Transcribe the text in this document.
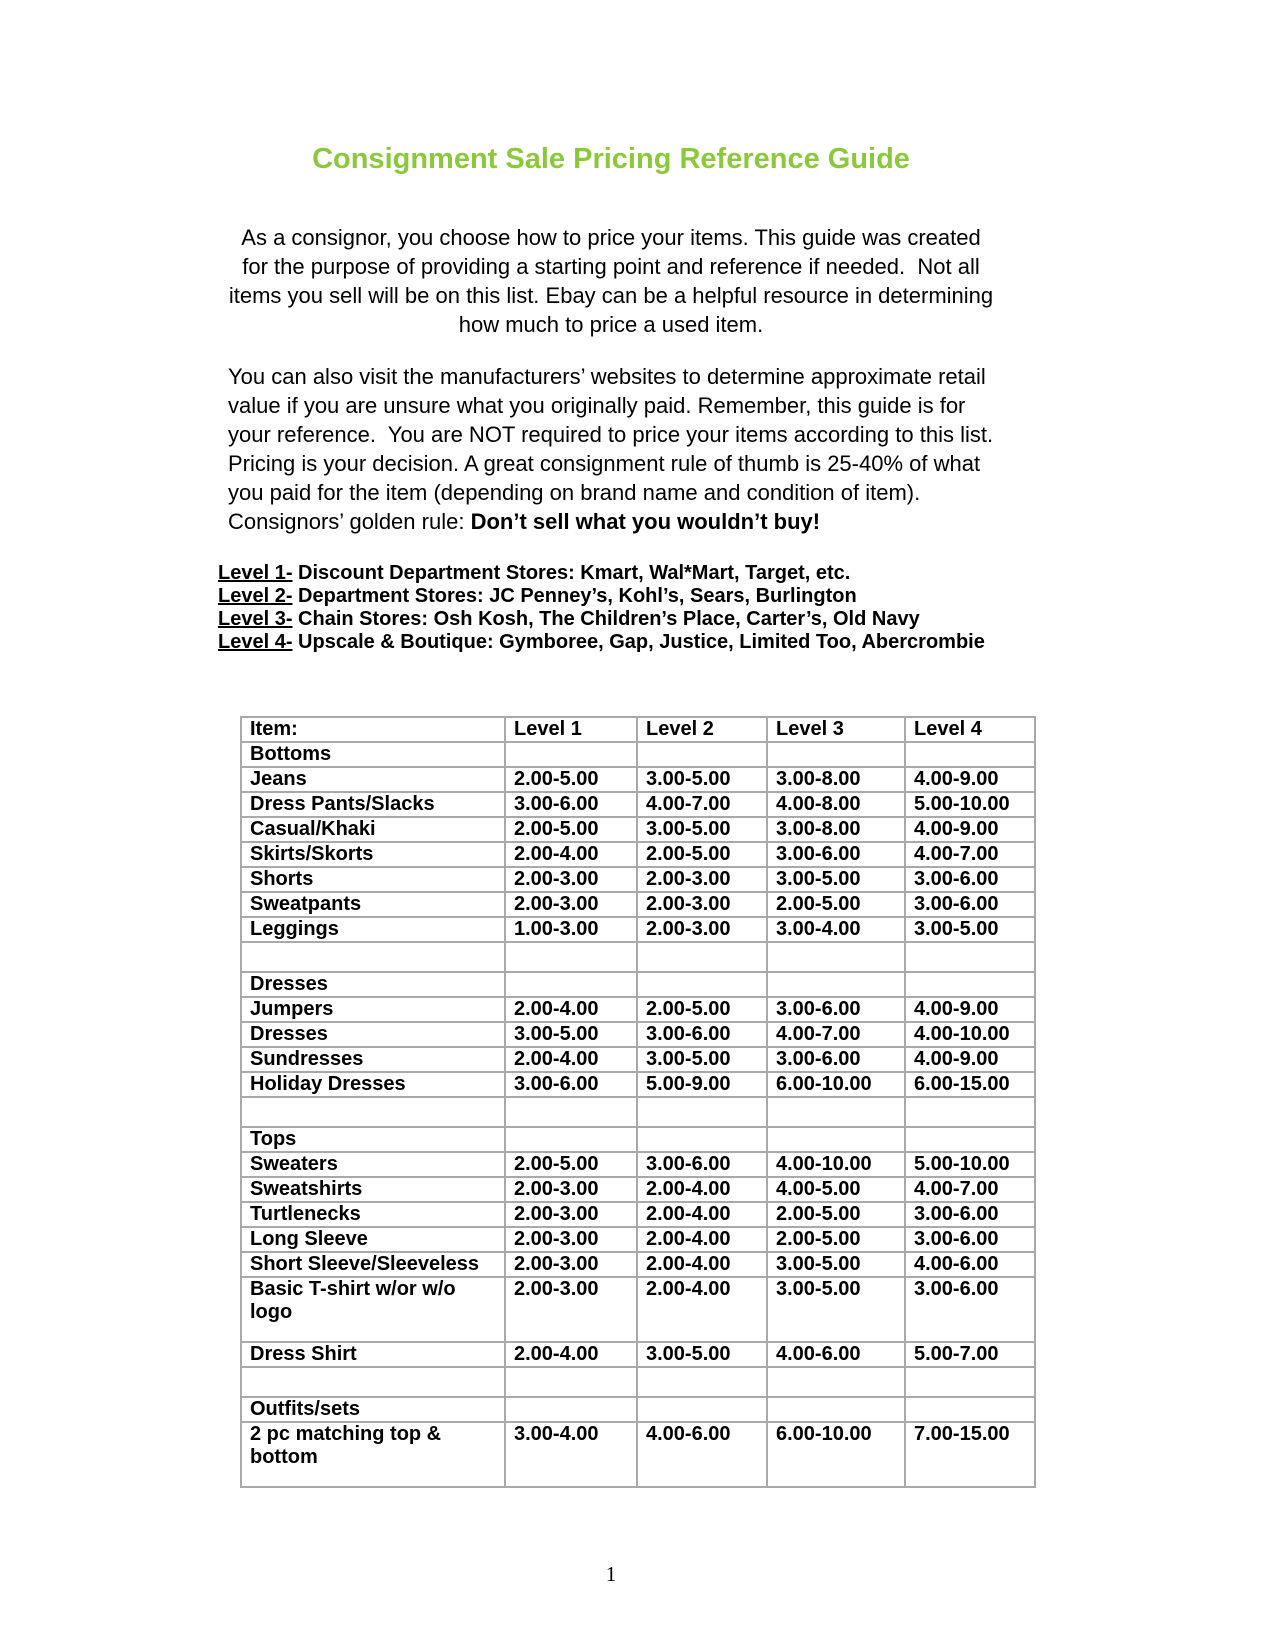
Consignment Sale Pricing Reference Guide

As a consignor, you choose how to price your items. This guide was created for the purpose of providing a starting point and reference if needed.  Not all items you sell will be on this list. Ebay can be a helpful resource in determining how much to price a used item.

You can also visit the manufacturers’ websites to determine approximate retail value if you are unsure what you originally paid. Remember, this guide is for your reference.  You are NOT required to price your items according to this list. Pricing is your decision. A great consignment rule of thumb is 25-40% of what you paid for the item (depending on brand name and condition of item).  Consignors’ golden rule: Don’t sell what you wouldn’t buy!

Level 1- Discount Department Stores: Kmart, Wal*Mart, Target, etc.
Level 2- Department Stores: JC Penney’s, Kohl’s, Sears, Burlington
Level 3- Chain Stores: Osh Kosh, The Children’s Place, Carter’s, Old Navy
Level 4- Upscale & Boutique: Gymboree, Gap, Justice, Limited Too, Abercrombie
Item:	Level 1	Level 2	Level 3	Level 4
Bottoms				
Jeans	2.00-5.00	3.00-5.00	3.00-8.00	4.00-9.00
Dress Pants/Slacks	3.00-6.00	4.00-7.00	4.00-8.00	5.00-10.00
Casual/Khaki	2.00-5.00	3.00-5.00	3.00-8.00	4.00-9.00
Skirts/Skorts	2.00-4.00	2.00-5.00	3.00-6.00	4.00-7.00
Shorts	2.00-3.00	2.00-3.00	3.00-5.00	3.00-6.00
Sweatpants	2.00-3.00	2.00-3.00	2.00-5.00	3.00-6.00
Leggings	1.00-3.00	2.00-3.00	3.00-4.00	3.00-5.00

Dresses				
Jumpers	2.00-4.00	2.00-5.00	3.00-6.00	4.00-9.00
Dresses	3.00-5.00	3.00-6.00	4.00-7.00	4.00-10.00
Sundresses	2.00-4.00	3.00-5.00	3.00-6.00	4.00-9.00
Holiday Dresses	3.00-6.00	5.00-9.00	6.00-10.00	6.00-15.00

Tops				
Sweaters	2.00-5.00	3.00-6.00	4.00-10.00	5.00-10.00
Sweatshirts	2.00-3.00	2.00-4.00	4.00-5.00	4.00-7.00
Turtlenecks	2.00-3.00	2.00-4.00	2.00-5.00	3.00-6.00
Long Sleeve	2.00-3.00	2.00-4.00	2.00-5.00	3.00-6.00
Short Sleeve/Sleeveless	2.00-3.00	2.00-4.00	3.00-5.00	4.00-6.00
Basic T-shirt w/or w/o logo	2.00-3.00	2.00-4.00	3.00-5.00	3.00-6.00
Dress Shirt	2.00-4.00	3.00-5.00	4.00-6.00	5.00-7.00

Outfits/sets				
2 pc matching top & bottom	3.00-4.00	4.00-6.00	6.00-10.00	7.00-15.00
1
